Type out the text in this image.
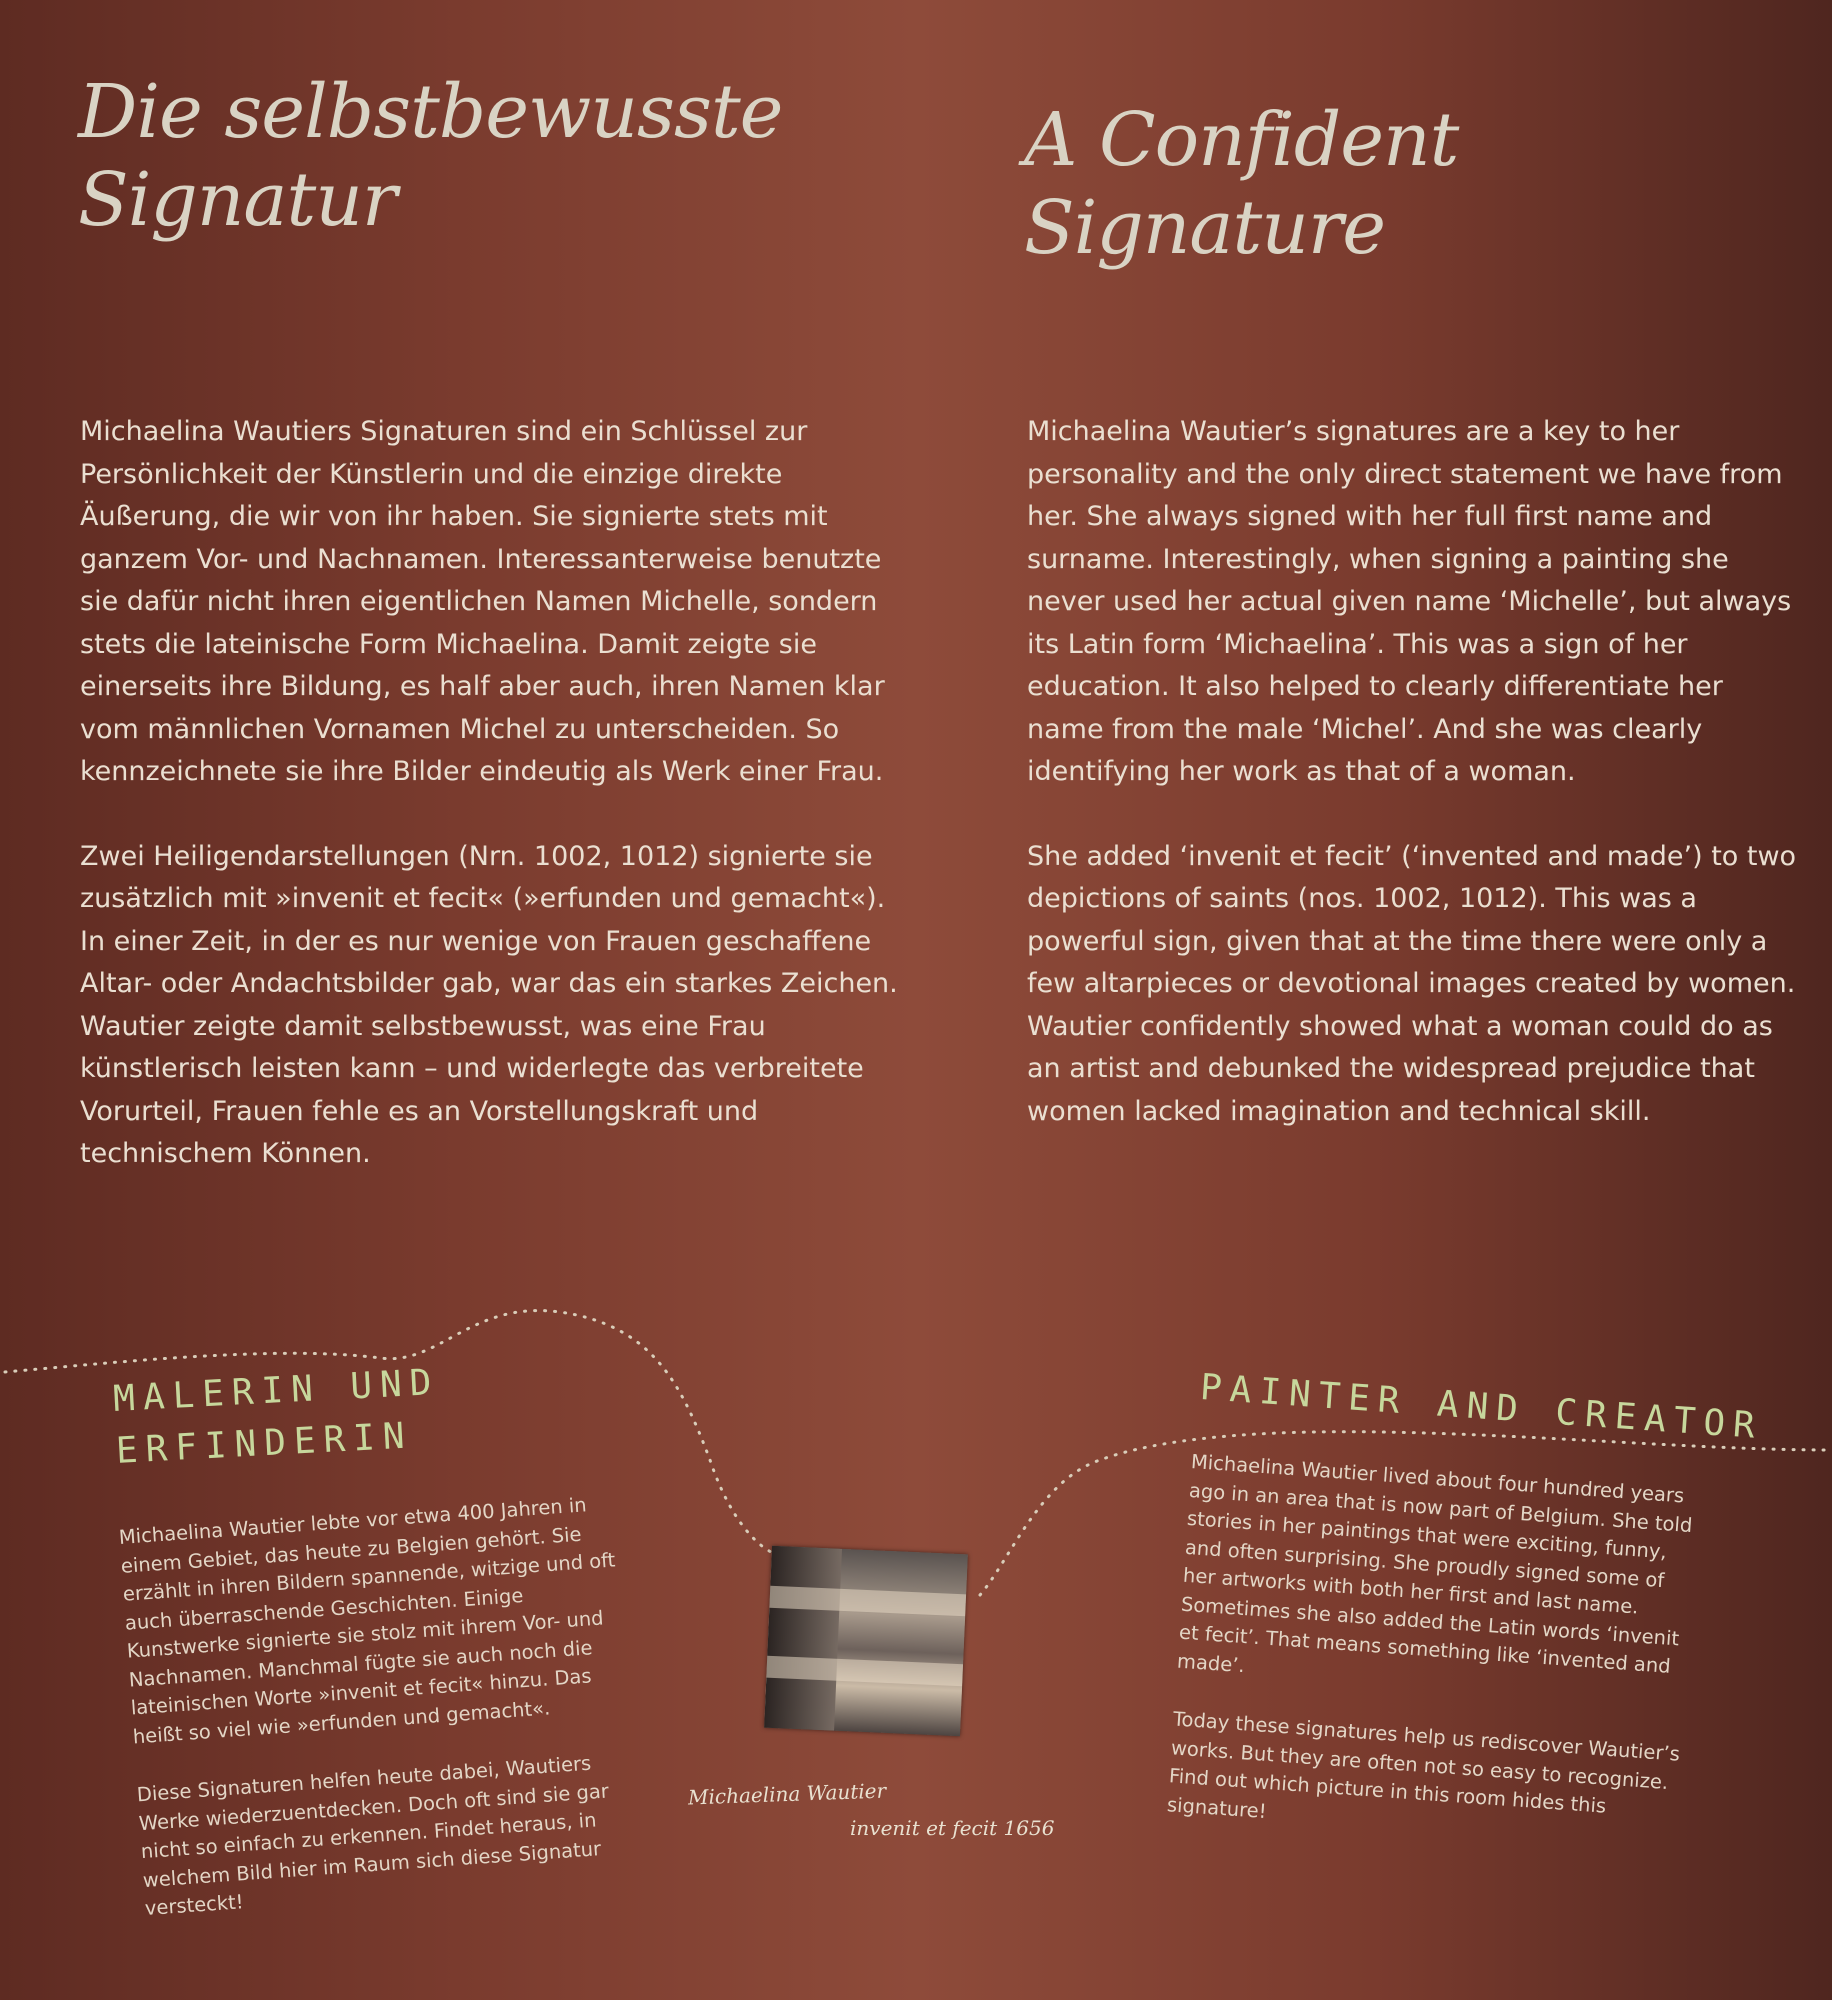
Die selbstbewusste
Signatur
A Confident
Signature

Michaelina Wautiers Signaturen sind ein Schlüssel zur Persönlichkeit der Künstlerin und die einzige direkte Äußerung, die wir von ihr haben. Sie signierte stets mit ganzem Vor- und Nachnamen. Interessanterweise benutzte sie dafür nicht ihren eigentlichen Namen Michelle, sondern stets die lateinische Form Michaelina. Damit zeigte sie einerseits ihre Bildung, es half aber auch, ihren Namen klar vom männlichen Vornamen Michel zu unterscheiden. So kennzeichnete sie ihre Bilder eindeutig als Werk einer Frau.

Zwei Heiligendarstellungen (Nrn. 1002, 1012) signierte sie zusätzlich mit »invenit et fecit« (»erfunden und gemacht«). In einer Zeit, in der es nur wenige von Frauen geschaffene Altar- oder Andachtsbilder gab, war das ein starkes Zeichen. Wautier zeigte damit selbstbewusst, was eine Frau künstlerisch leisten kann – und widerlegte das verbreitete Vorurteil, Frauen fehle es an Vorstellungskraft und technischem Können.

Michaelina Wautier’s signatures are a key to her personality and the only direct statement we have from her. She always signed with her full first name and surname. Interestingly, when signing a painting she never used her actual given name ‘Michelle’, but always its Latin form ‘Michaelina’. This was a sign of her education. It also helped to clearly differentiate her name from the male ‘Michel’. And she was clearly identifying her work as that of a woman.

She added ‘invenit et fecit’ (‘invented and made’) to two depictions of saints (nos. 1002, 1012). This was a powerful sign, given that at the time there were only a few altarpieces or devotional images created by women. Wautier confidently showed what a woman could do as an artist and debunked the widespread prejudice that women lacked imagination and technical skill.

MALERIN UND
ERFINDERIN

Michaelina Wautier lebte vor etwa 400 Jahren in einem Gebiet, das heute zu Belgien gehört. Sie erzählt in ihren Bildern spannende, witzige und oft auch überraschende Geschichten. Einige Kunstwerke signierte sie stolz mit ihrem Vor- und Nachnamen. Manchmal fügte sie auch noch die lateinischen Worte »invenit et fecit« hinzu. Das heißt so viel wie »erfunden und gemacht«.

Diese Signaturen helfen heute dabei, Wautiers Werke wiederzuentdecken. Doch oft sind sie gar nicht so einfach zu erkennen. Findet heraus, in welchem Bild hier im Raum sich diese Signatur versteckt!

Michaelina Wautier
invenit et fecit 1656
PAINTER AND CREATOR

Michaelina Wautier lived about four hundred years ago in an area that is now part of Belgium. She told stories in her paintings that were exciting, funny, and often surprising. She proudly signed some of her artworks with both her first and last name. Sometimes she also added the Latin words ‘invenit et fecit’. That means something like ‘invented and made’.

Today these signatures help us rediscover Wautier’s works. But they are often not so easy to recognize. Find out which picture in this room hides this signature!
